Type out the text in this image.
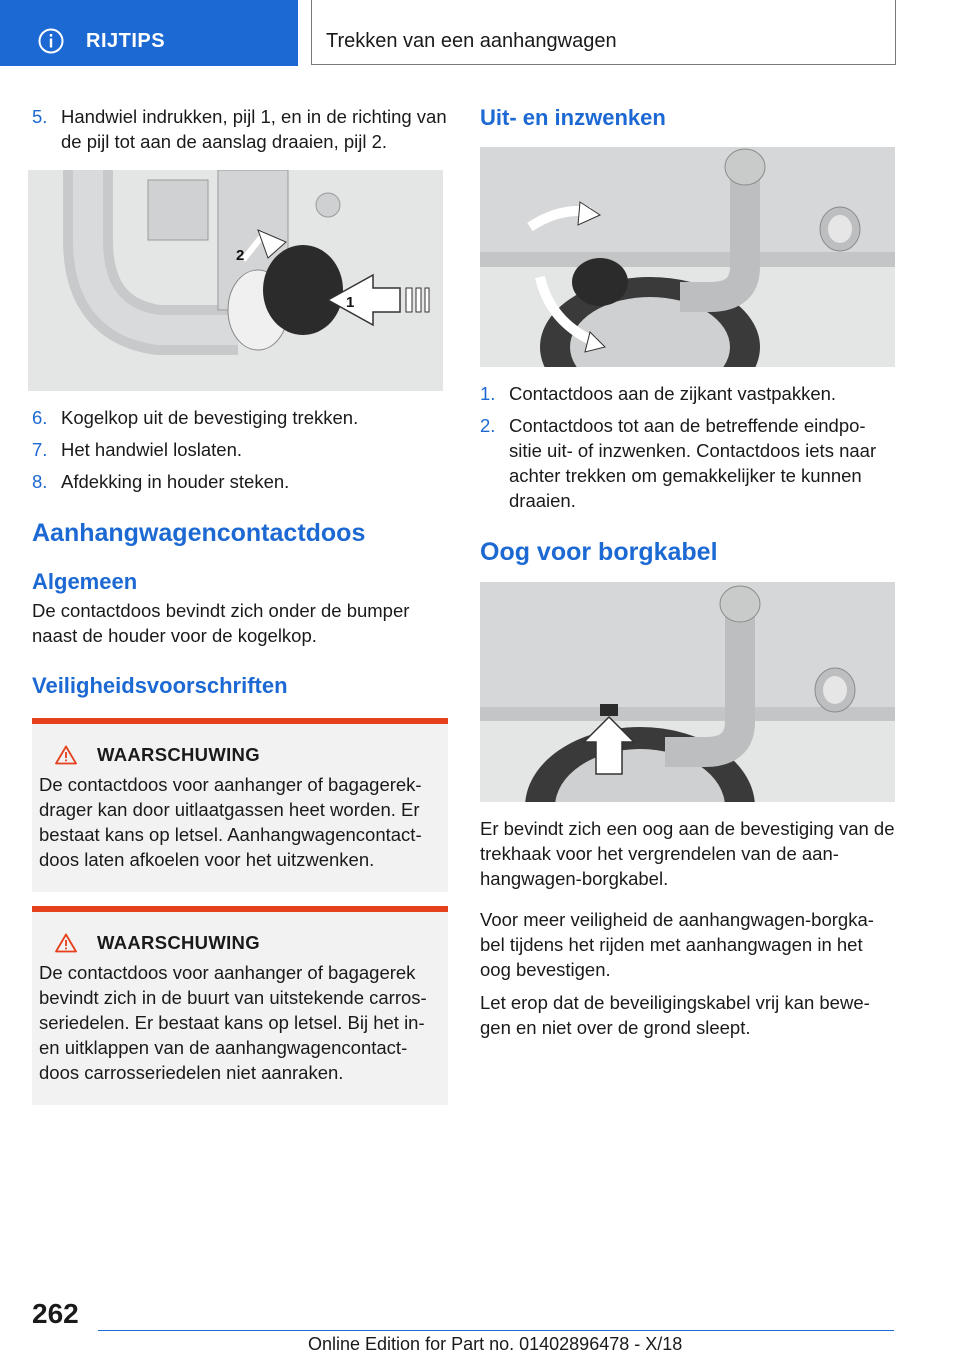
RIJTIPS	Trekken van een aanhangwagen
5. Handwiel indrukken, pijl 1, en in de richting van de pijl tot aan de aanslag draaien, pijl 2.
1
2
6. Kogelkop uit de bevestiging trekken.
7. Het handwiel loslaten.
8. Afdekking in houder steken.
Aanhangwagencontactdoos
Algemeen
De contactdoos bevindt zich onder de bumper naast de houder voor de kogelkop.
Veiligheidsvoorschriften
WAARSCHUWING
De contactdoos voor aanhanger of bagagerek-drager kan door uitlaatgassen heet worden. Er bestaat kans op letsel. Aanhangwagencontact-doos laten afkoelen voor het uitzwenken.
WAARSCHUWING
De contactdoos voor aanhanger of bagagerek bevindt zich in de buurt van uitstekende carros-seriedelen. Er bestaat kans op letsel. Bij het in- en uitklappen van de aanhangwagencontact-doos carrosseriedelen niet aanraken.
Uit- en inzwenken
1. Contactdoos aan de zijkant vastpakken.
2. Contactdoos tot aan de betreffende eindpo-sitie uit- of inzwenken. Contactdoos iets naar achter trekken om gemakkelijker te kunnen draaien.
Oog voor borgkabel
Er bevindt zich een oog aan de bevestiging van de trekhaak voor het vergrendelen van de aan-hangwagen-borgkabel.
Voor meer veiligheid de aanhangwagen-borgka-bel tijdens het rijden met aanhangwagen in het oog bevestigen.
Let erop dat de beveiligingskabel vrij kan bewe-gen en niet over de grond sleept.
262
Online Edition for Part no. 01402896478 - X/18
